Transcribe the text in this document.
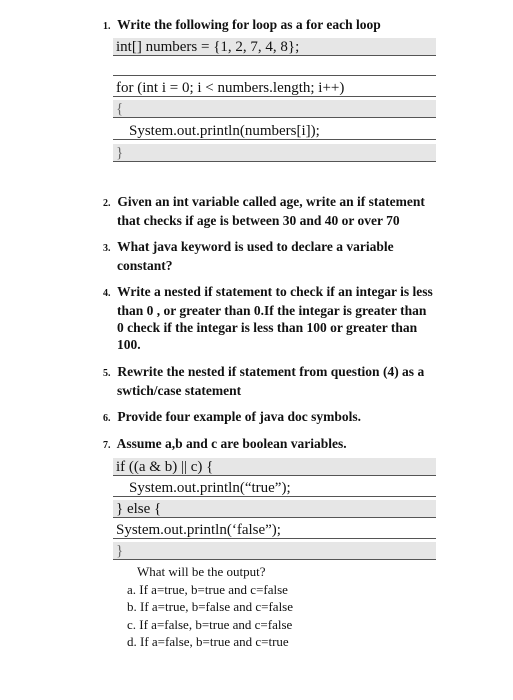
1. Write the following for loop as a for each loop
int[] numbers = {1, 2, 7, 4, 8};
for (int i = 0; i < numbers.length; i++)
{
System.out.println(numbers[i]);
}
2. Given an int variable called age, write an if statement
that checks if age is between 30 and 40 or over 70
3. What java keyword is used to declare a variable
constant?
4. Write a nested if statement to check if an integar is less
than 0 , or greater than 0.If the integar is greater than
0 check if the integar is less than 100 or greater than
100.
5. Rewrite the nested if statement from question (4) as a
swtich/case statement
6. Provide four example of java doc symbols.
7. Assume a,b and c are boolean variables.
if ((a & b) || c) {
System.out.println(“true”);
} else {
System.out.println(‘false”);
}
What will be the output?
a. If a=true, b=true and c=false
b. If a=true, b=false and c=false
c. If a=false, b=true and c=false
d. If a=false, b=true and c=true
